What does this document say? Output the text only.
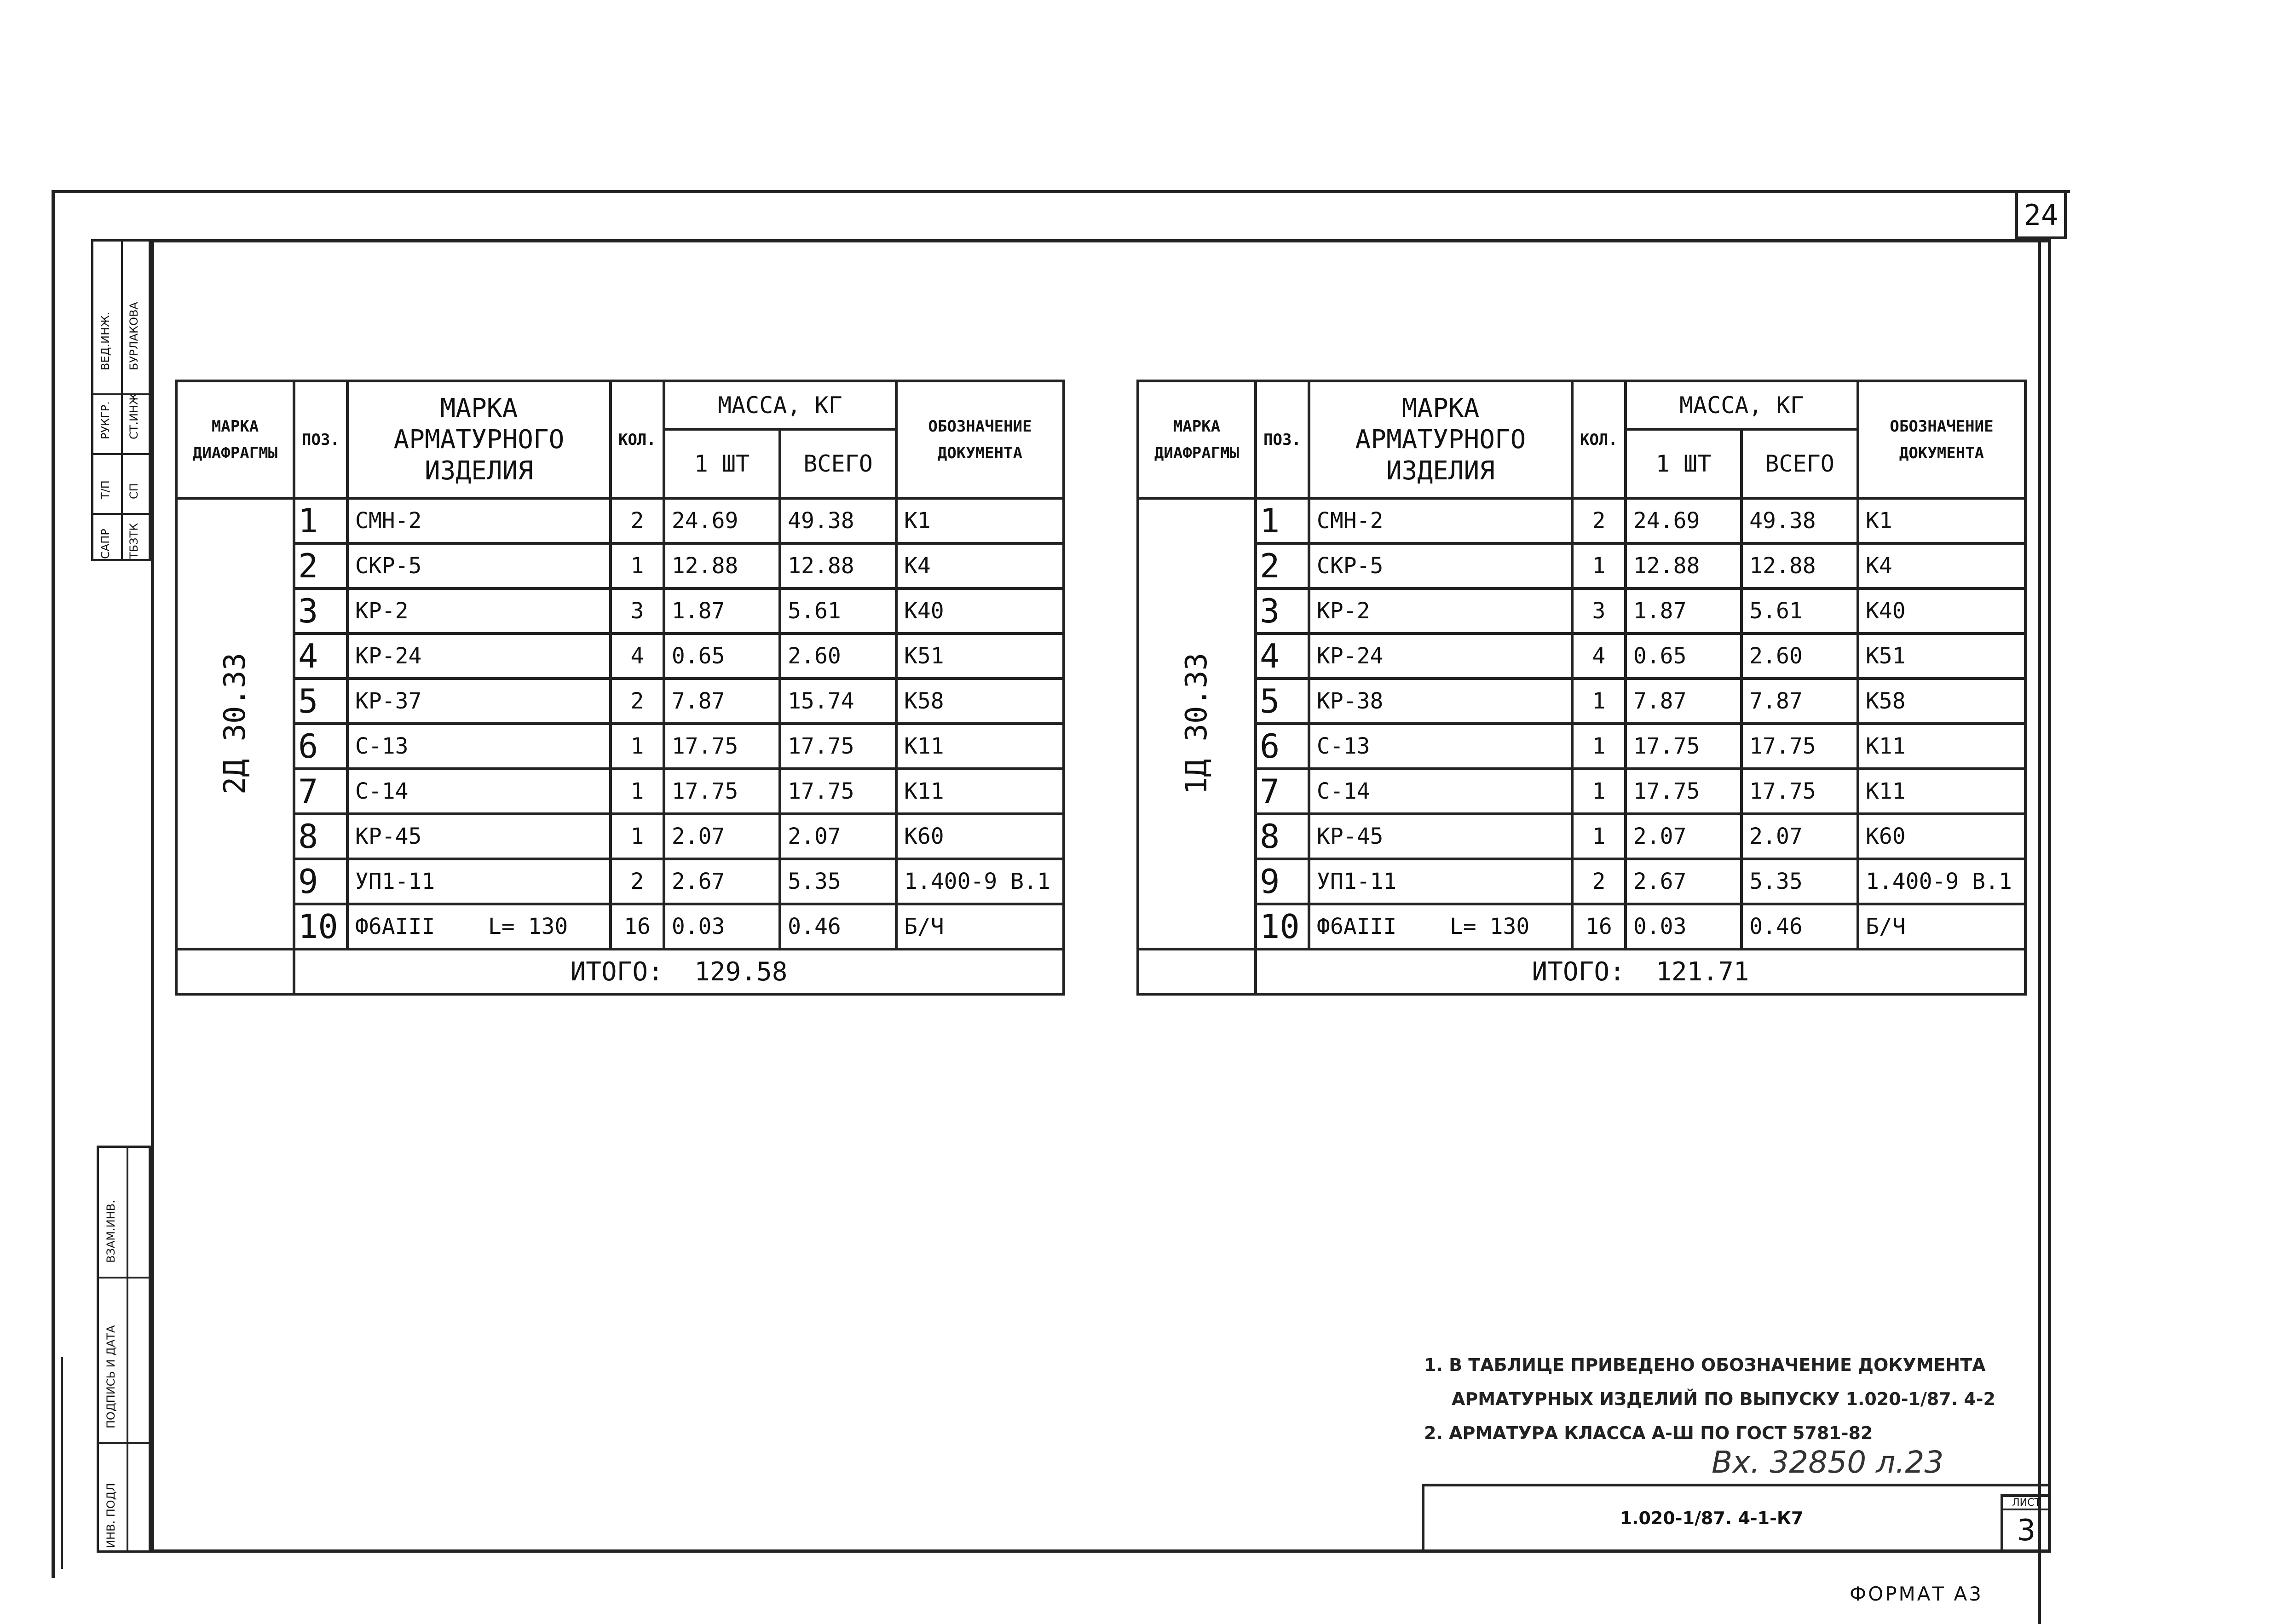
24
САПР
Т/П
РУКГР.
ВЕД.ИНЖ.
ТБЗТК
СП
СТ.ИНЖ
БУРЛАКОВА
ВЗАМ.ИНВ.
ПОДПИСЬ И ДАТА
ИНВ. ПОДЛ
МАРКА
ДИАФРАГМЫ	ПОЗ.	МАРКА АРМАТУРНОГО ИЗДЕЛИЯ	КОЛ.	МАССА, КГ		ОБОЗНАЧЕНИЕ ДОКУМЕНТА
				1 ШТ	ВСЕГО	

2Д 30.33	1	СМН-2	2	24.69	49.38	К1
	2	СКР-5	1	12.88	12.88	К4
	3	КР-2	3	1.87	5.61	К40
	4	КР-24	4	0.65	2.60	К51
	5	КР-37	2	7.87	15.74	К58
	6	С-13	1	17.75	17.75	К11
	7	С-14	1	17.75	17.75	К11
	8	КР-45	1	2.07	2.07	К60
	9	УП1-11	2	2.67	5.35	1.400-9 В.1
	10	Ф6АIII    L= 130	16	0.03	0.46	Б/Ч
	ИТОГО:  129.58					
МАРКА
ДИАФРАГМЫ	ПОЗ.	МАРКА АРМАТУРНОГО ИЗДЕЛИЯ	КОЛ.	МАССА, КГ		ОБОЗНАЧЕНИЕ ДОКУМЕНТА
				1 ШТ	ВСЕГО	

1Д 30.33	1	СМН-2	2	24.69	49.38	К1
	2	СКР-5	1	12.88	12.88	К4
	3	КР-2	3	1.87	5.61	К40
	4	КР-24	4	0.65	2.60	К51
	5	КР-38	1	7.87	7.87	К58
	6	С-13	1	17.75	17.75	К11
	7	С-14	1	17.75	17.75	К11
	8	КР-45	1	2.07	2.07	К60
	9	УП1-11	2	2.67	5.35	1.400-9 В.1
	10	Ф6АIII    L= 130	16	0.03	0.46	Б/Ч
	ИТОГО:  121.71					
1. В ТАБЛИЦЕ ПРИВЕДЕНО ОБОЗНАЧЕНИЕ ДОКУМЕНТА
АРМАТУРНЫХ ИЗДЕЛИЙ ПО ВЫПУСКУ 1.020-1/87. 4-2
2. АРМАТУРА КЛАССА А-Ш ПО ГОСТ 5781-82
Вх. 32850 л.23
1.020-1/87. 4-1-К7
ЛИСТ
3
ФОРМАТ А3
